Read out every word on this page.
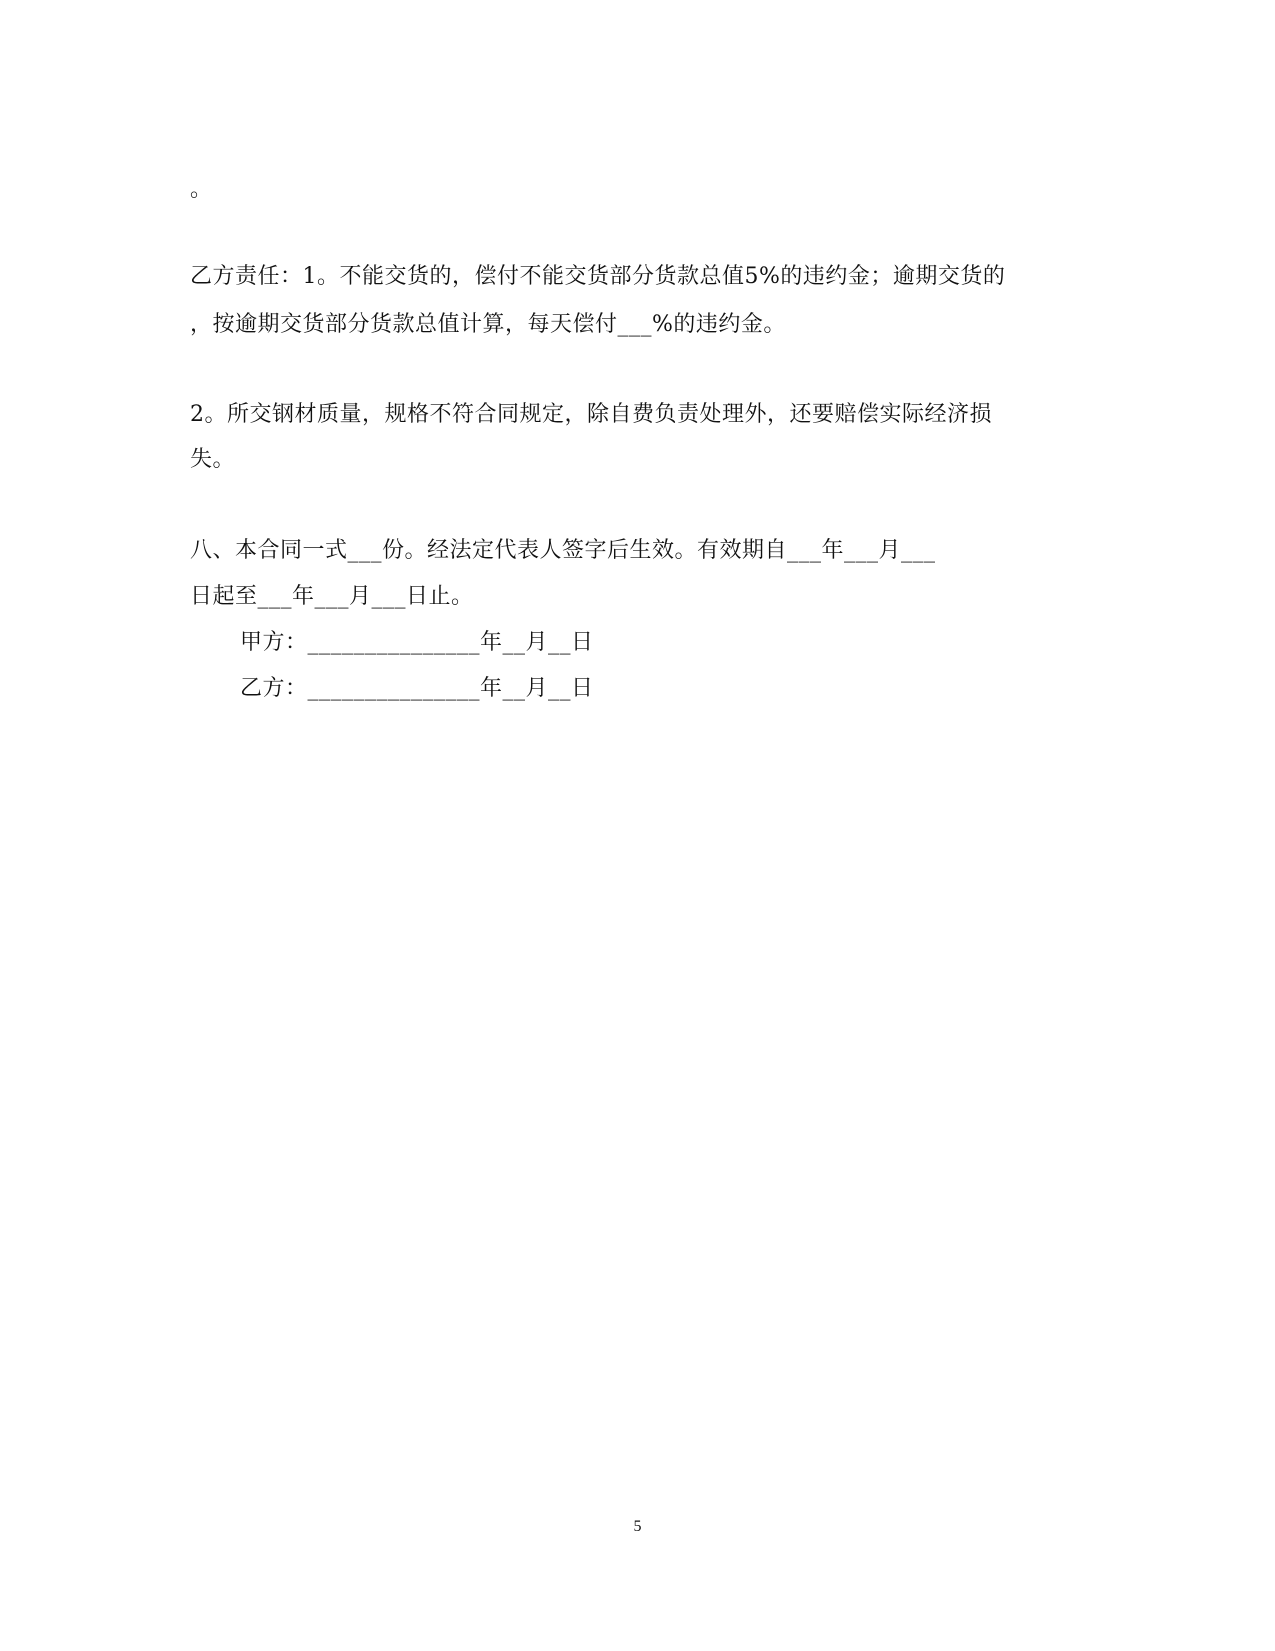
。
乙方责任：1。不能交货的，偿付不能交货部分货款总值5%的违约金；逾期交货的
，按逾期交货部分货款总值计算，每天偿付___%的违约金。
2。所交钢材质量，规格不符合同规定，除自费负责处理外，还要赔偿实际经济损
失。
八、本合同一式___份。经法定代表人签字后生效。有效期自___年___月___
日起至___年___月___日止。
甲方：_______________年__月__日
乙方：_______________年__月__日
5
